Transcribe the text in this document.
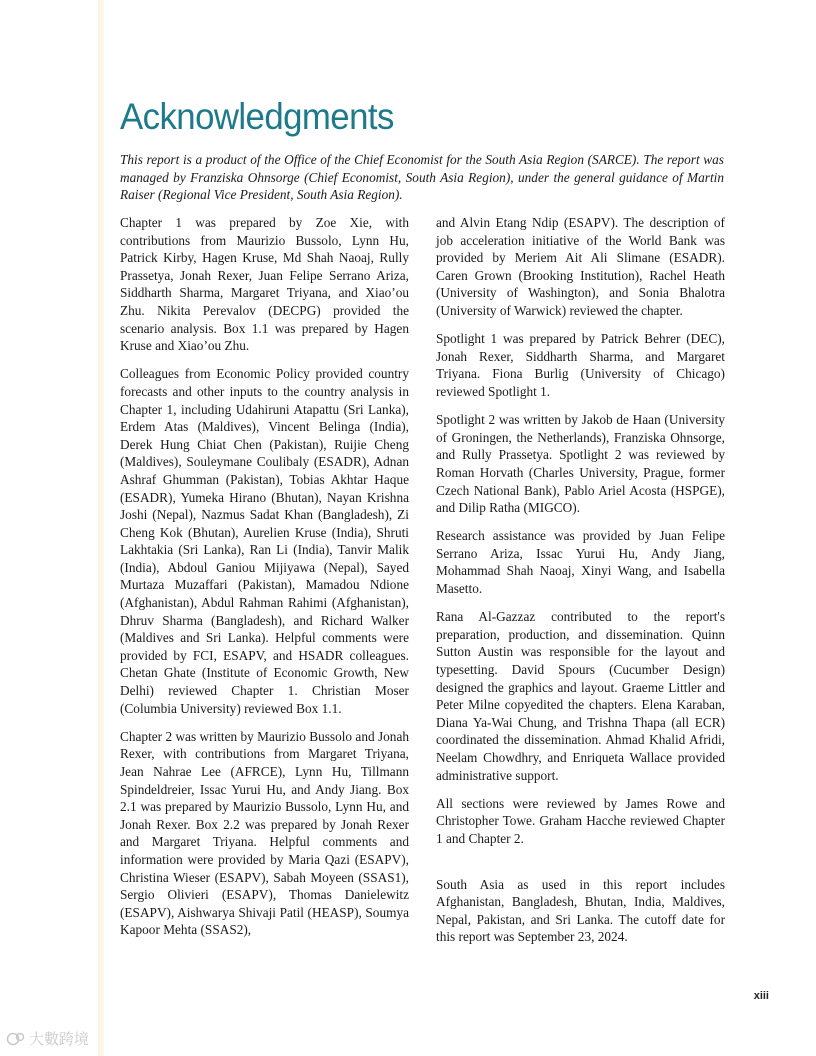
Acknowledgments

This report is a product of the Office of the Chief Economist for the South Asia Region (SARCE). The report was managed by Franziska Ohnsorge (Chief Economist, South Asia Region), under the general guidance of Martin Raiser (Regional Vice President, South Asia Region).

Chapter 1 was prepared by Zoe Xie, with contributions from Maurizio Bussolo, Lynn Hu, Patrick Kirby, Hagen Kruse, Md Shah Naoaj, Rully Prassetya, Jonah Rexer, Juan Felipe Serrano Ariza, Siddharth Sharma, Margaret Triyana, and Xiao’ou Zhu. Nikita Perevalov (DECPG) provided the scenario analysis. Box 1.1 was prepared by Hagen Kruse and Xiao’ou Zhu.

Colleagues from Economic Policy provided country forecasts and other inputs to the country analysis in Chapter 1, including Udahiruni Atapattu (Sri Lanka), Erdem Atas (Maldives), Vincent Belinga (India), Derek Hung Chiat Chen (Pakistan), Ruijie Cheng (Maldives), Souleymane Coulibaly (ESADR), Adnan Ashraf Ghumman (Pakistan), Tobias Akhtar Haque (ESADR), Yumeka Hirano (Bhutan), Nayan Krishna Joshi (Nepal), Nazmus Sadat Khan (Bangladesh), Zi Cheng Kok (Bhutan), Aurelien Kruse (India), Shruti Lakhtakia (Sri Lanka), Ran Li (India), Tanvir Malik (India), Abdoul Ganiou Mijiyawa (Nepal), Sayed Murtaza Muzaffari (Pakistan), Mamadou Ndione (Afghanistan), Abdul Rahman Rahimi (Afghanistan), Dhruv Sharma (Bangladesh), and Richard Walker (Maldives and Sri Lanka). Helpful comments were provided by FCI, ESAPV, and HSADR colleagues. Chetan Ghate (Institute of Economic Growth, New Delhi) reviewed Chapter 1. Christian Moser (Columbia University) reviewed Box 1.1.

Chapter 2 was written by Maurizio Bussolo and Jonah Rexer, with contributions from Margaret Triyana, Jean Nahrae Lee (AFRCE), Lynn Hu, Tillmann Spindeldreier, Issac Yurui Hu, and Andy Jiang. Box 2.1 was prepared by Maurizio Bussolo, Lynn Hu, and Jonah Rexer. Box 2.2 was prepared by Jonah Rexer and Margaret Triyana. Helpful comments and information were provided by Maria Qazi (ESAPV), Christina Wieser (ESAPV), Sabah Moyeen (SSAS1), Sergio Olivieri (ESAPV), Thomas Danielewitz (ESAPV), Aishwarya Shivaji Patil (HEASP), Soumya Kapoor Mehta (SSAS2),

and Alvin Etang Ndip (ESAPV). The description of job acceleration initiative of the World Bank was provided by Meriem Ait Ali Slimane (ESADR). Caren Grown (Brooking Institution), Rachel Heath (University of Washington), and Sonia Bhalotra (University of Warwick) reviewed the chapter.

Spotlight 1 was prepared by Patrick Behrer (DEC), Jonah Rexer, Siddharth Sharma, and Margaret Triyana. Fiona Burlig (University of Chicago) reviewed Spotlight 1.

Spotlight 2 was written by Jakob de Haan (University of Groningen, the Netherlands), Franziska Ohnsorge, and Rully Prassetya. Spotlight 2 was reviewed by Roman Horvath (Charles University, Prague, former Czech National Bank), Pablo Ariel Acosta (HSPGE), and Dilip Ratha (MIGCO).

Research assistance was provided by Juan Felipe Serrano Ariza, Issac Yurui Hu, Andy Jiang, Mohammad Shah Naoaj, Xinyi Wang, and Isabella Masetto.

Rana Al-Gazzaz contributed to the report's preparation, production, and dissemination. Quinn Sutton Austin was responsible for the layout and typesetting. David Spours (Cucumber Design) designed the graphics and layout. Graeme Littler and Peter Milne copyedited the chapters. Elena Karaban, Diana Ya-Wai Chung, and Trishna Thapa (all ECR) coordinated the dissemination. Ahmad Khalid Afridi, Neelam Chowdhry, and Enriqueta Wallace provided administrative support.

All sections were reviewed by James Rowe and Christopher Towe. Graham Hacche reviewed Chapter 1 and Chapter 2.

South Asia as used in this report includes Afghanistan, Bangladesh, Bhutan, India, Maldives, Nepal, Pakistan, and Sri Lanka. The cutoff date for this report was September 23, 2024.

xiii
大數跨境
